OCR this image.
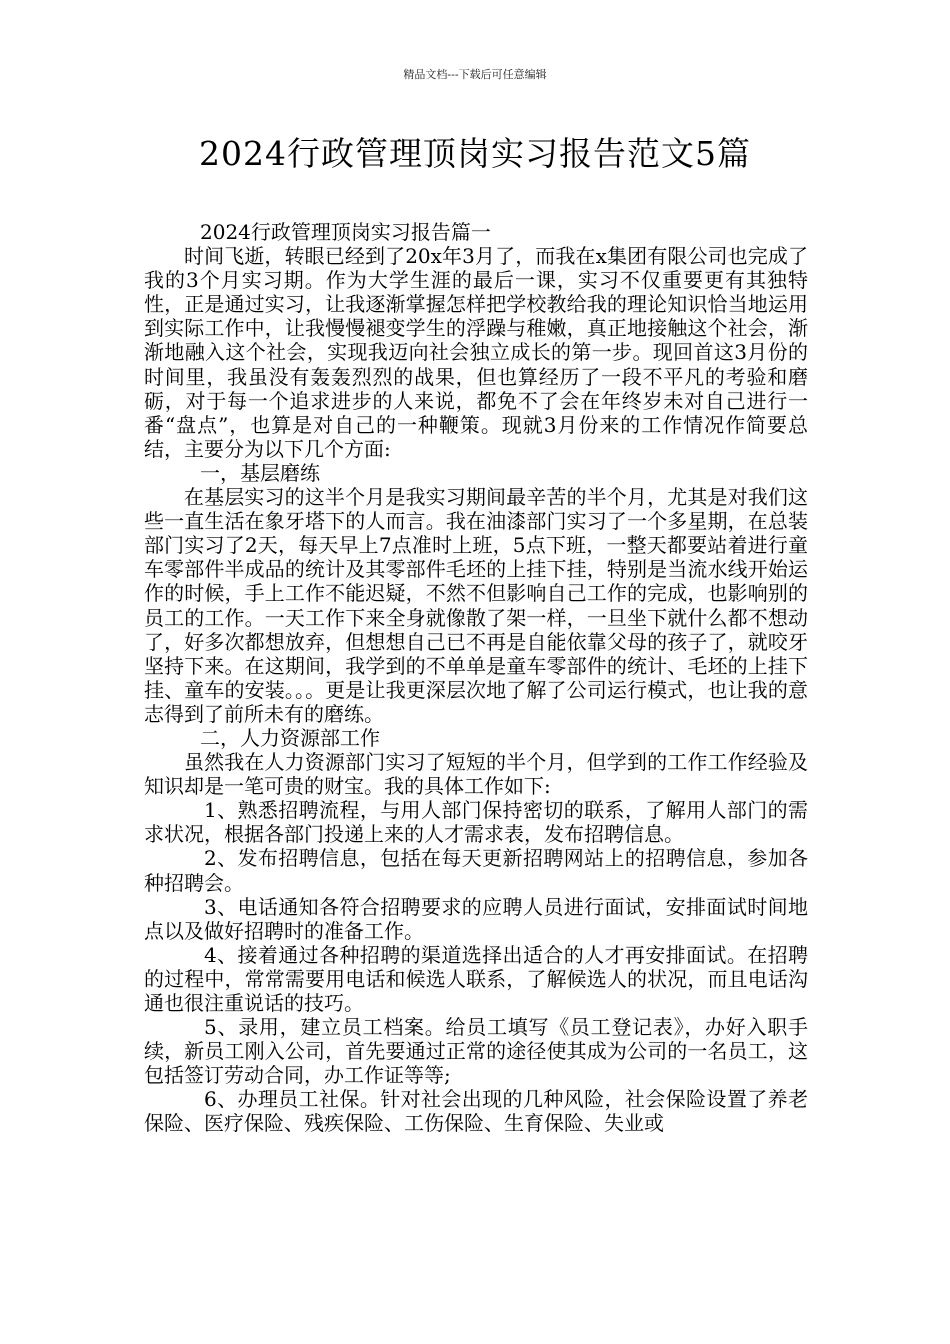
精品文档---下载后可任意编辑
2024行政管理顶岗实习报告范文5篇

2024行政管理顶岗实习报告篇一

时间飞逝，转眼已经到了20x年3月了，而我在x集团有限公司也完成了我的3个月实习期。作为大学生涯的最后一课，实习不仅重要更有其独特性，正是通过实习，让我逐渐掌握怎样把学校教给我的理论知识恰当地运用到实际工作中，让我慢慢褪变学生的浮躁与稚嫩，真正地接触这个社会，渐渐地融入这个社会，实现我迈向社会独立成长的第一步。现回首这3月份的时间里，我虽没有轰轰烈烈的战果，但也算经历了一段不平凡的考验和磨砺，对于每一个追求进步的人来说，都免不了会在年终岁未对自己进行一番“盘点”，也算是对自己的一种鞭策。现就3月份来的工作情况作简要总结，主要分为以下几个方面:

一，基层磨练

在基层实习的这半个月是我实习期间最辛苦的半个月，尤其是对我们这些一直生活在象牙塔下的人而言。我在油漆部门实习了一个多星期，在总装部门实习了2天，每天早上7点准时上班，5点下班，一整天都要站着进行童车零部件半成品的统计及其零部件毛坯的上挂下挂，特别是当流水线开始运作的时候，手上工作不能迟疑，不然不但影响自己工作的完成，也影响别的员工的工作。一天工作下来全身就像散了架一样，一旦坐下就什么都不想动了，好多次都想放弃，但想想自己已不再是自能依靠父母的孩子了，就咬牙坚持下来。在这期间，我学到的不单单是童车零部件的统计、毛坯的上挂下挂、童车的安装。。。更是让我更深层次地了解了公司运行模式，也让我的意志得到了前所未有的磨练。

二，人力资源部工作

虽然我在人力资源部门实习了短短的半个月，但学到的工作工作经验及知识却是一笔可贵的财宝。我的具体工作如下:

1、熟悉招聘流程，与用人部门保持密切的联系，了解用人部门的需求状况，根据各部门投递上来的人才需求表，发布招聘信息。

2、发布招聘信息，包括在每天更新招聘网站上的招聘信息，参加各种招聘会。

3、电话通知各符合招聘要求的应聘人员进行面试，安排面试时间地点以及做好招聘时的准备工作。

4、接着通过各种招聘的渠道选择出适合的人才再安排面试。在招聘的过程中，常常需要用电话和候选人联系，了解候选人的状况，而且电话沟通也很注重说话的技巧。

5、录用，建立员工档案。给员工填写《员工登记表》，办好入职手续，新员工刚入公司，首先要通过正常的途径使其成为公司的一名员工，这包括签订劳动合同，办工作证等等;

6、办理员工社保。针对社会出现的几种风险，社会保险设置了养老保险、医疗保险、残疾保险、工伤保险、生育保险、失业或
